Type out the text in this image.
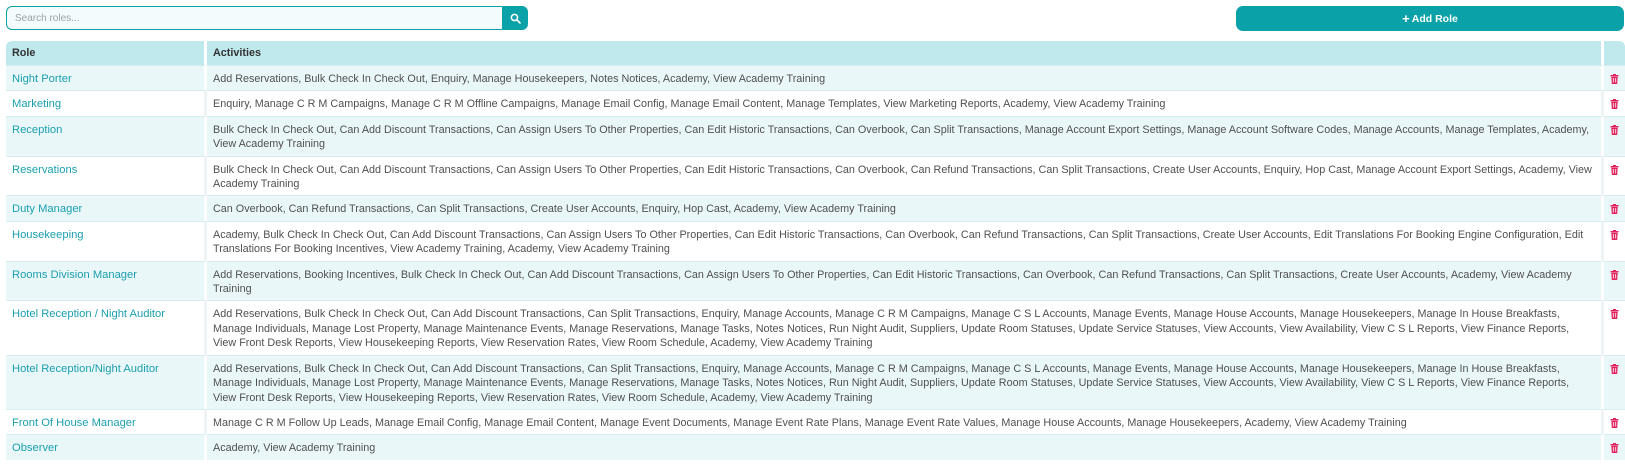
Search roles...
+ Add Role
Role	Activities	
Night Porter	Add Reservations, Bulk Check In Check Out, Enquiry, Manage Housekeepers, Notes Notices, Academy, View Academy Training	
Marketing	Enquiry, Manage C R M Campaigns, Manage C R M Offline Campaigns, Manage Email Config, Manage Email Content, Manage Templates, View Marketing Reports, Academy, View Academy Training	
Reception	Bulk Check In Check Out, Can Add Discount Transactions, Can Assign Users To Other Properties, Can Edit Historic Transactions, Can Overbook, Can Split Transactions, Manage Account Export Settings, Manage Account Software Codes, Manage Accounts, Manage Templates, Academy, View Academy Training	
Reservations	Bulk Check In Check Out, Can Add Discount Transactions, Can Assign Users To Other Properties, Can Edit Historic Transactions, Can Overbook, Can Refund Transactions, Can Split Transactions, Create User Accounts, Enquiry, Hop Cast, Manage Account Export Settings, Academy, View Academy Training	
Duty Manager	Can Overbook, Can Refund Transactions, Can Split Transactions, Create User Accounts, Enquiry, Hop Cast, Academy, View Academy Training	
Housekeeping	Academy, Bulk Check In Check Out, Can Add Discount Transactions, Can Assign Users To Other Properties, Can Edit Historic Transactions, Can Overbook, Can Refund Transactions, Can Split Transactions, Create User Accounts, Edit Translations For Booking Engine Configuration, Edit Translations For Booking Incentives, View Academy Training, Academy, View Academy Training	
Rooms Division Manager	Add Reservations, Booking Incentives, Bulk Check In Check Out, Can Add Discount Transactions, Can Assign Users To Other Properties, Can Edit Historic Transactions, Can Overbook, Can Refund Transactions, Can Split Transactions, Create User Accounts, Academy, View Academy Training	
Hotel Reception / Night Auditor	Add Reservations, Bulk Check In Check Out, Can Add Discount Transactions, Can Split Transactions, Enquiry, Manage Accounts, Manage C R M Campaigns, Manage C S L Accounts, Manage Events, Manage House Accounts, Manage Housekeepers, Manage In House Breakfasts, Manage Individuals, Manage Lost Property, Manage Maintenance Events, Manage Reservations, Manage Tasks, Notes Notices, Run Night Audit, Suppliers, Update Room Statuses, Update Service Statuses, View Accounts, View Availability, View C S L Reports, View Finance Reports, View Front Desk Reports, View Housekeeping Reports, View Reservation Rates, View Room Schedule, Academy, View Academy Training	
Hotel Reception/Night Auditor	Add Reservations, Bulk Check In Check Out, Can Add Discount Transactions, Can Split Transactions, Enquiry, Manage Accounts, Manage C R M Campaigns, Manage C S L Accounts, Manage Events, Manage House Accounts, Manage Housekeepers, Manage In House Breakfasts, Manage Individuals, Manage Lost Property, Manage Maintenance Events, Manage Reservations, Manage Tasks, Notes Notices, Run Night Audit, Suppliers, Update Room Statuses, Update Service Statuses, View Accounts, View Availability, View C S L Reports, View Finance Reports, View Front Desk Reports, View Housekeeping Reports, View Reservation Rates, View Room Schedule, Academy, View Academy Training	
Front Of House Manager	Manage C R M Follow Up Leads, Manage Email Config, Manage Email Content, Manage Event Documents, Manage Event Rate Plans, Manage Event Rate Values, Manage House Accounts, Manage Housekeepers, Academy, View Academy Training	
Observer	Academy, View Academy Training	
